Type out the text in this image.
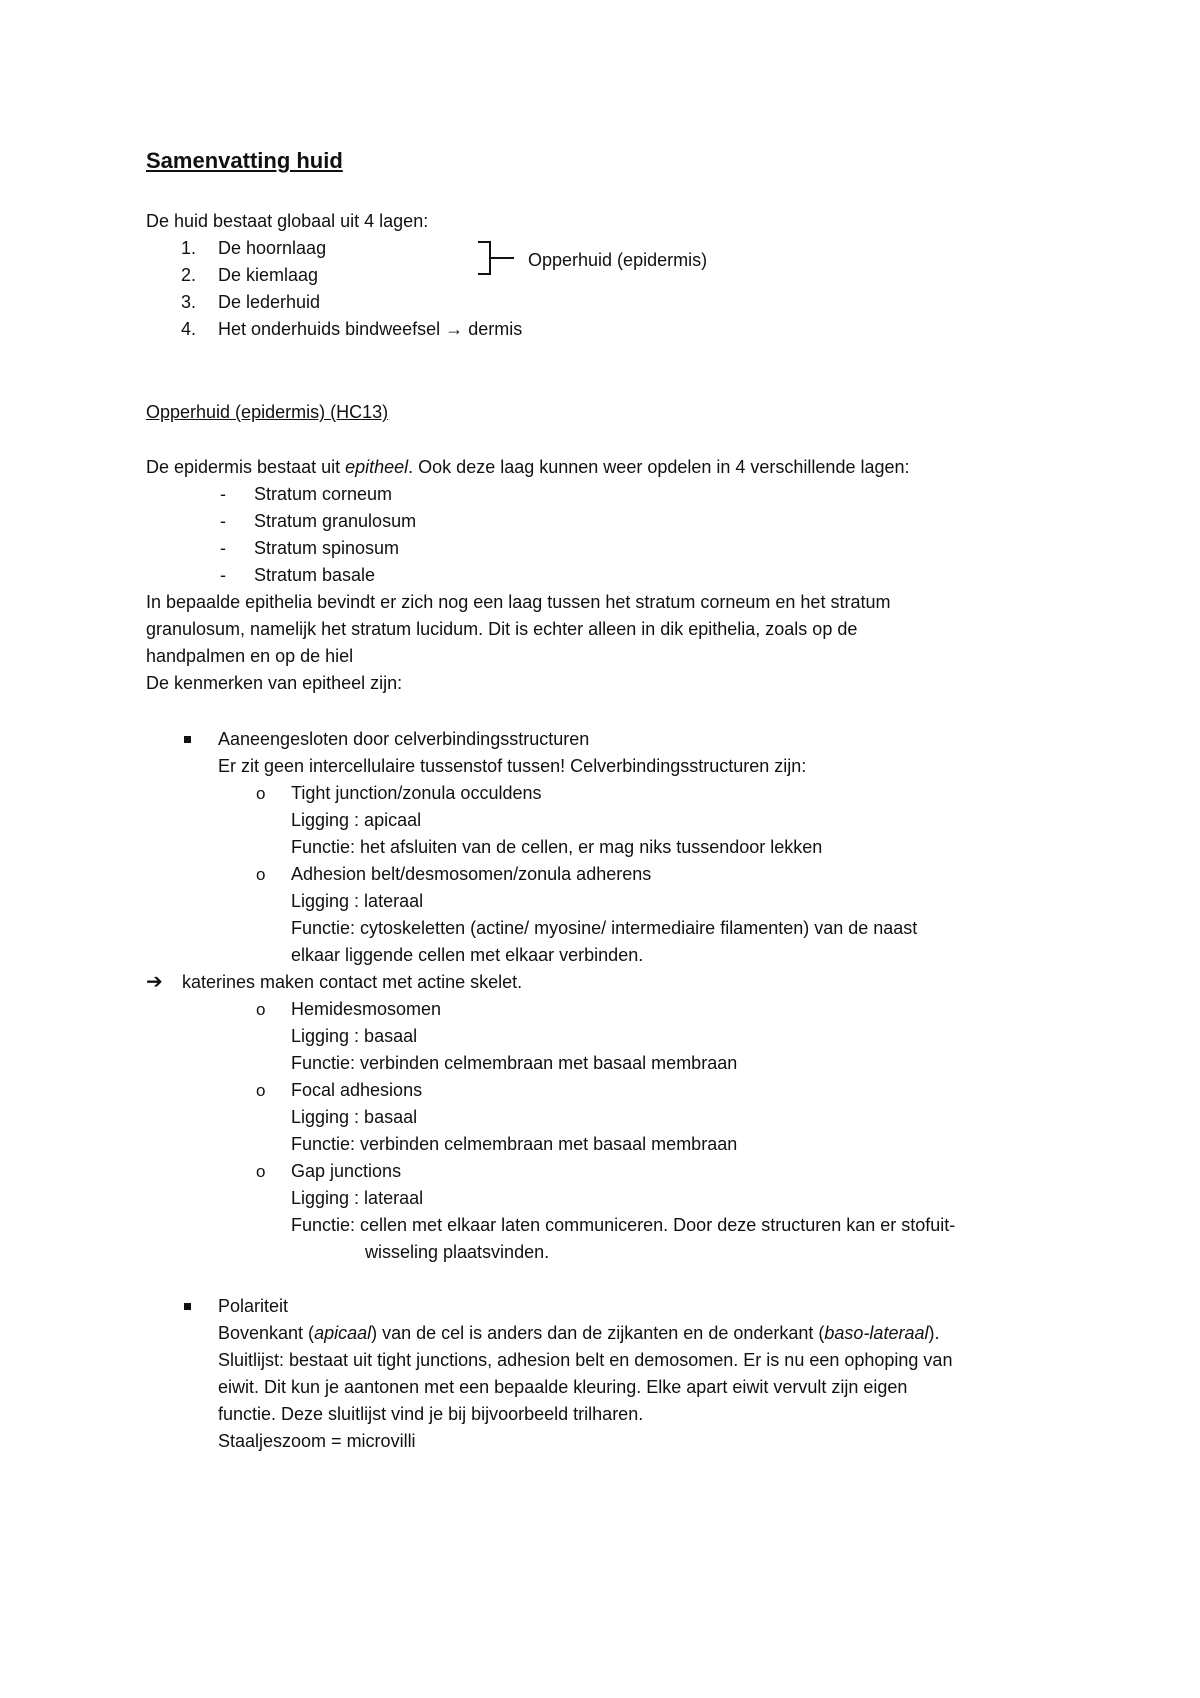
Samenvatting huid
De huid bestaat globaal uit 4 lagen:
1. De hoornlaag
2. De kiemlaag
3. De lederhuid
4. Het onderhuids bindweefsel → dermis
Opperhuid (epidermis)
Opperhuid (epidermis) (HC13)
De epidermis bestaat uit epitheel. Ook deze laag kunnen weer opdelen in 4 verschillende lagen:
- Stratum corneum
- Stratum granulosum
- Stratum spinosum
- Stratum basale
In bepaalde epithelia bevindt er zich nog een laag tussen het stratum corneum en het stratum
granulosum, namelijk het stratum lucidum. Dit is echter alleen in dik epithelia, zoals op de
handpalmen en op de hiel
De kenmerken van epitheel zijn:
Aaneengesloten door celverbindingsstructuren
Er zit geen intercellulaire tussenstof tussen! Celverbindingsstructuren zijn:
o Tight junction/zonula occuldens
Ligging : apicaal
Functie: het afsluiten van de cellen, er mag niks tussendoor lekken
o Adhesion belt/desmosomen/zonula adherens
Ligging : lateraal
Functie: cytoskeletten (actine/ myosine/ intermediaire filamenten) van de naast
elkaar liggende cellen met elkaar verbinden.
➔ katerines maken contact met actine skelet.
o Hemidesmosomen
Ligging : basaal
Functie: verbinden celmembraan met basaal membraan
o Focal adhesions
Ligging : basaal
Functie: verbinden celmembraan met basaal membraan
o Gap junctions
Ligging : lateraal
Functie: cellen met elkaar laten communiceren. Door deze structuren kan er stofuit-
wisseling plaatsvinden.
Polariteit
Bovenkant (apicaal) van de cel is anders dan de zijkanten en de onderkant (baso-lateraal).
Sluitlijst: bestaat uit tight junctions, adhesion belt en demosomen. Er is nu een ophoping van
eiwit. Dit kun je aantonen met een bepaalde kleuring. Elke apart eiwit vervult zijn eigen
functie. Deze sluitlijst vind je bij bijvoorbeeld trilharen.
Staaljeszoom = microvilli
